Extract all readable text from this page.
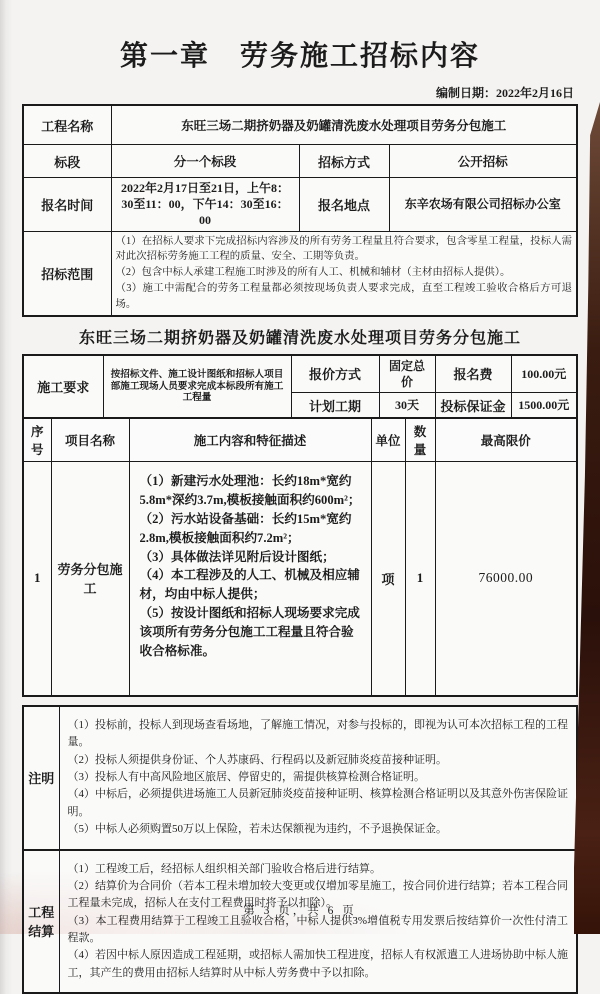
第一章　劳务施工招标内容
编制日期：2022年2月16日
工程名称	东旺三场二期挤奶器及奶罐清洗废水处理项目劳务分包施工		
标段	分一个标段	招标方式	公开招标
报名时间	2022年2月17日至21日，上午8：30至11：00，下午14：30至16：00	报名地点	东辛农场有限公司招标办公室
招标范围	（1）在招标人要求下完成招标内容涉及的所有劳务工程量且符合要求，包含零星工程量，投标人需对此次招标劳务施工工程的质量、安全、工期等负责。
（2）包含中标人承建工程施工时涉及的所有人工、机械和辅材（主材由招标人提供）。
（3）施工中需配合的劳务工程量都必须按现场负责人要求完成，直至工程竣工验收合格后方可退场。		
东旺三场二期挤奶器及奶罐清洗废水处理项目劳务分包施工
施工要求	按招标文件、施工设计图纸和招标人项目部施工现场人员要求完成本标段所有施工工程量	报价方式	固定总价	报名费	100.00元
		计划工期	30天	投标保证金	1500.00元
序号	项目名称	施工内容和特征描述	单位	数量	最高限价
1	劳务分包施工	（1）新建污水处理池：长约18m*宽约5.8m*深约3.7m,模板接触面积约600m²；
（2）污水站设备基础：长约15m*宽约2.8m,模板接触面积约7.2m²；
（3）具体做法详见附后设计图纸；
（4）本工程涉及的人工、机械及相应辅材，均由中标人提供；
（5）按设计图纸和招标人现场要求完成该项所有劳务分包施工工程量且符合验收合格标准。	项	1	76000.00
注明	
（1）投标前，投标人到现场查看场地，了解施工情况，对参与投标的，即视为认可本次招标工程的工程量。
（2）投标人须提供身份证、个人苏康码、行程码以及新冠肺炎疫苗接种证明。
（3）投标人有中高风险地区旅居、停留史的，需提供核算检测合格证明。
（4）中标后，必须提供进场施工人员新冠肺炎疫苗接种证明、核算检测合格证明以及其意外伤害保险证明。
（5）中标人必须购置50万以上保险，若未达保额视为违约，不予退换保证金。
工程结算	
（1）工程竣工后，经招标人组织相关部门验收合格后进行结算。
（2）结算价为合同价（若本工程未增加较大变更或仅增加零星施工，按合同价进行结算；若本工程合同工程量未完成，招标人在支付工程费用时将予以扣除）。
（3）本工程费用结算于工程竣工且验收合格，中标人提供3%增值税专用发票后按结算价一次性付清工程款。
（4）若因中标人原因造成工程延期，或招标人需加快工程进度，招标人有权派遣工人进场协助中标人施工，其产生的费用由招标人结算时从中标人劳务费中予以扣除。
第 3 页，共 6 页
